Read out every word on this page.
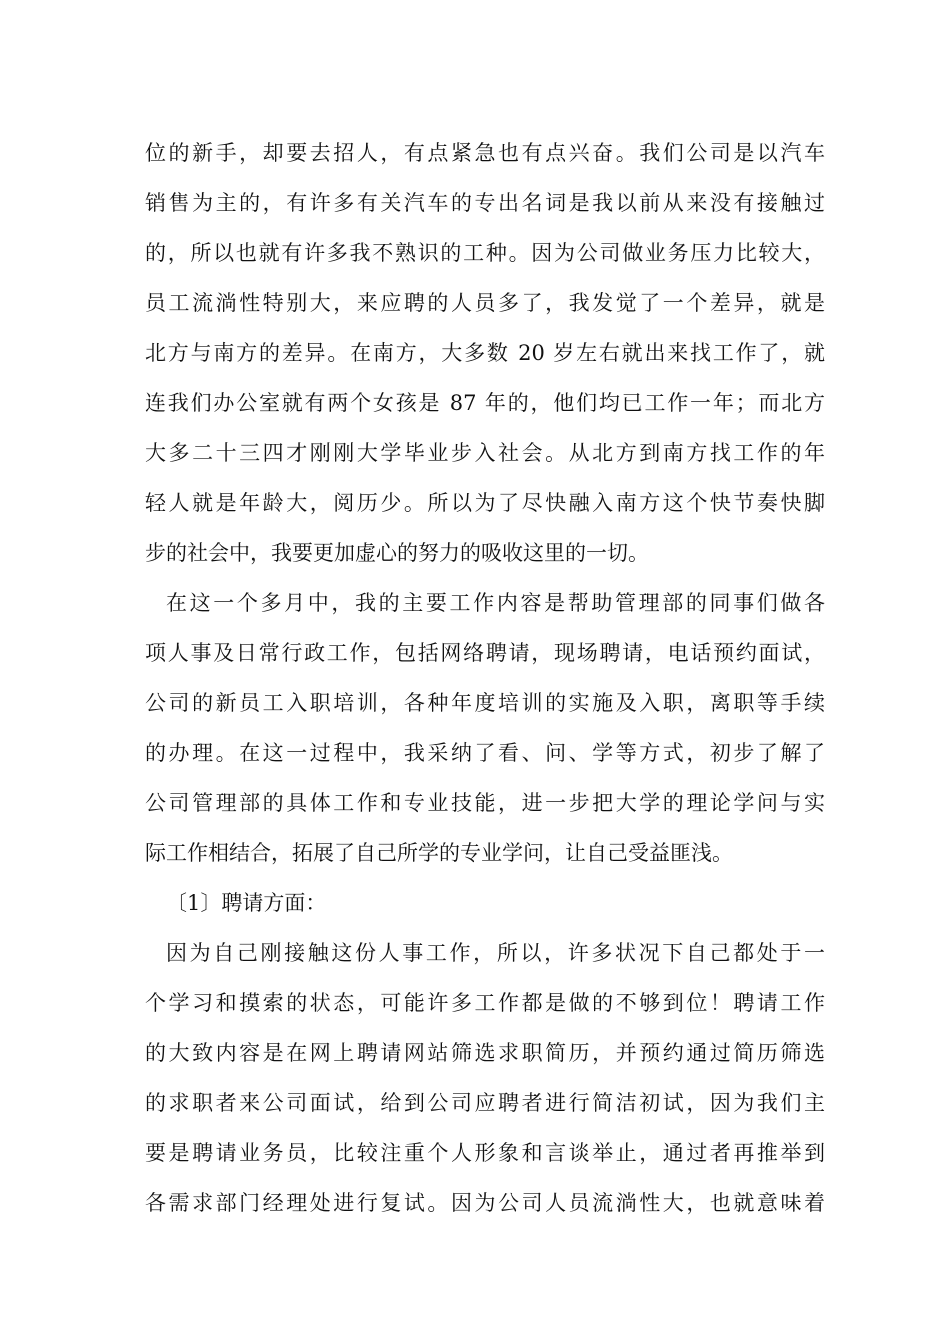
位的新手，却要去招人，有点紧急也有点兴奋。我们公司是以汽车
销售为主的，有许多有关汽车的专出名词是我以前从来没有接触过
的，所以也就有许多我不熟识的工种。因为公司做业务压力比较大，
员工流淌性特别大，来应聘的人员多了，我发觉了一个差异，就是
北方与南方的差异。在南方，大多数 20 岁左右就出来找工作了，就
连我们办公室就有两个女孩是 87 年的，他们均已工作一年；而北方
大多二十三四才刚刚大学毕业步入社会。从北方到南方找工作的年
轻人就是年龄大，阅历少。所以为了尽快融入南方这个快节奏快脚
步的社会中，我要更加虚心的努力的吸收这里的一切。
在这一个多月中，我的主要工作内容是帮助管理部的同事们做各
项人事及日常行政工作，包括网络聘请，现场聘请，电话预约面试，
公司的新员工入职培训，各种年度培训的实施及入职，离职等手续
的办理。在这一过程中，我采纳了看、问、学等方式，初步了解了
公司管理部的具体工作和专业技能，进一步把大学的理论学问与实
际工作相结合，拓展了自己所学的专业学问，让自己受益匪浅。
〔1〕聘请方面：
因为自己刚接触这份人事工作，所以，许多状况下自己都处于一
个学习和摸索的状态，可能许多工作都是做的不够到位！聘请工作
的大致内容是在网上聘请网站筛选求职简历，并预约通过简历筛选
的求职者来公司面试，给到公司应聘者进行简洁初试，因为我们主
要是聘请业务员，比较注重个人形象和言谈举止，通过者再推举到
各需求部门经理处进行复试。因为公司人员流淌性大，也就意味着
